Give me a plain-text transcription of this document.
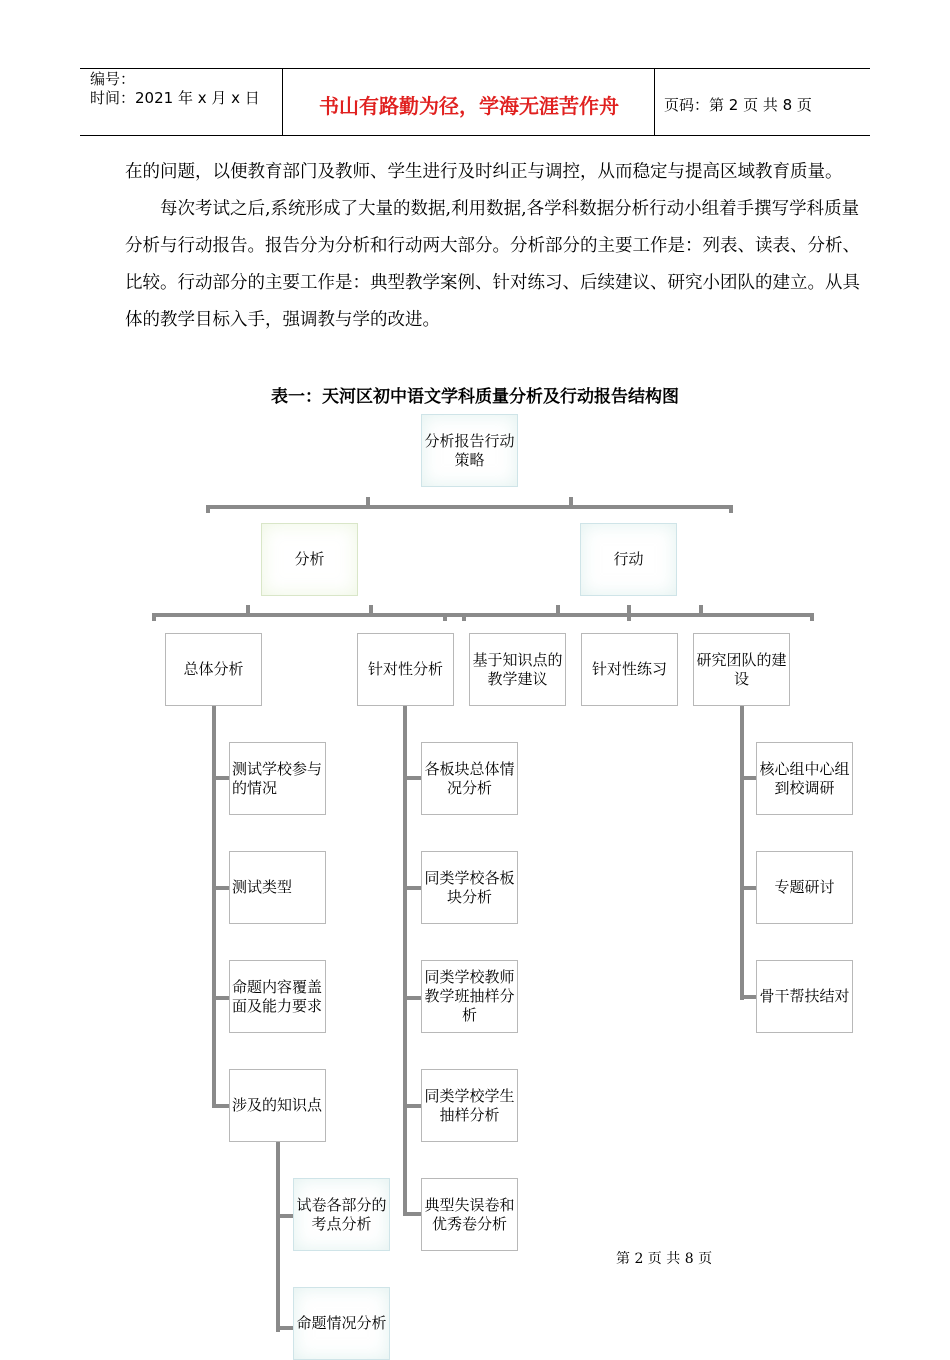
编号：
时间：2021 年 x 月 x 日	书山有路勤为径，学海无涯苦作舟	页码：第 2 页 共 8 页

在的问题，以便教育部门及教师、学生进行及时纠正与调控，从而稳定与提高区域教育质量。

每次考试之后,系统形成了大量的数据,利用数据,各学科数据分析行动小组着手撰写学科质量分析与行动报告。报告分为分析和行动两大部分。分析部分的主要工作是：列表、读表、分析、比较。行动部分的主要工作是：典型教学案例、针对练习、后续建议、研究小团队的建立。从具体的教学目标入手，强调教与学的改进。

表一：天河区初中语文学科质量分析及行动报告结构图
分析报告行动策略
分析	行动
总体分析	针对性分析
基于知识点的教学建议
针对性练习
研究团队的建设
测试学校参与的情况
测试类型
命题内容覆盖面及能力要求
涉及的知识点
试卷各部分的考点分析
命题情况分析
各板块总体情况分析
同类学校各板块分析
同类学校教师教学班抽样分析
同类学校学生抽样分析
典型失误卷和优秀卷分析
核心组中心组到校调研
专题研讨
骨干帮扶结对
第 2 页 共 8 页
